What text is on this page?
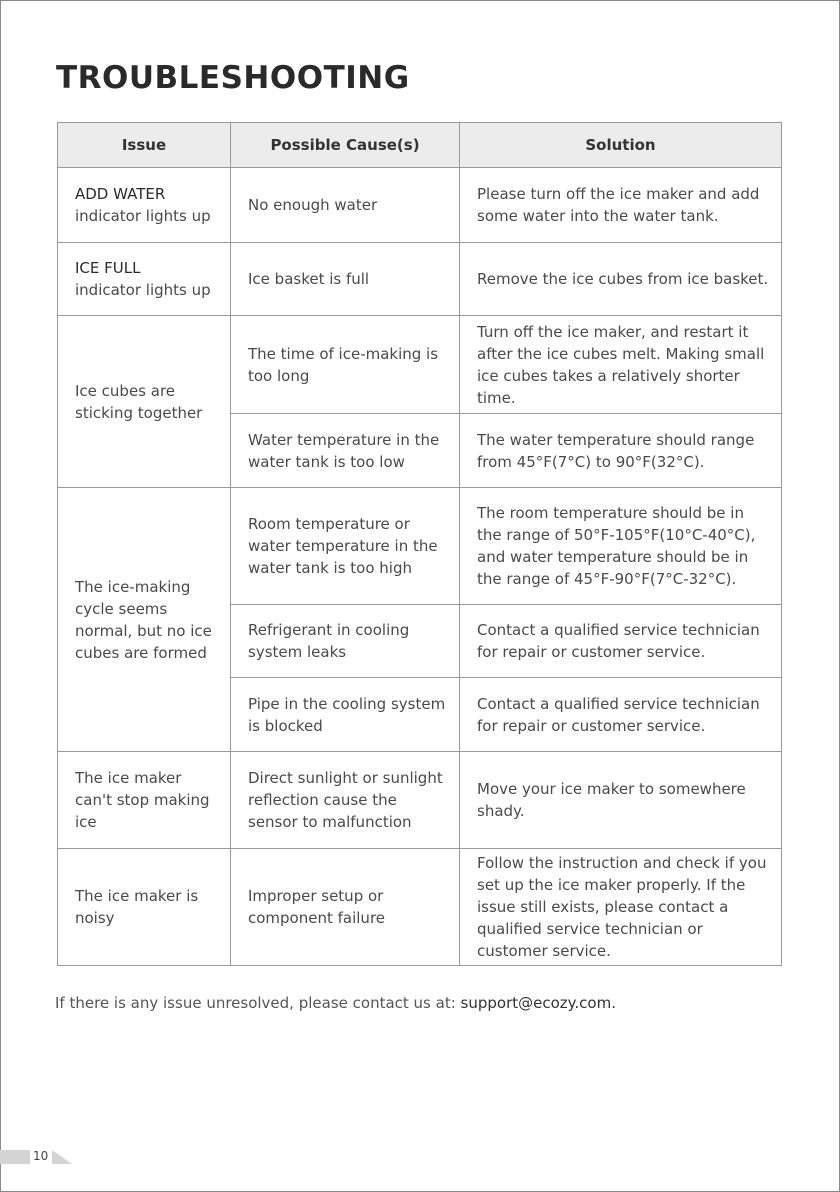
TROUBLESHOOTING
Issue	Possible Cause(s)	Solution

ADD WATER
indicator lights up	No enough water	Please turn off the ice maker and add some water into the water tank.

ICE FULL
indicator lights up	Ice basket is full	Remove the ice cubes from ice basket.
Ice cubes are sticking together	The time of ice-making is too long	Turn off the ice maker, and restart it after the ice cubes melt. Making small ice cubes takes a relatively shorter time.
	Water temperature in the water tank is too low	The water temperature should range from 45°F(7°C) to 90°F(32°C).
The ice-making cycle seems normal, but no ice cubes are formed	Room temperature or water temperature in the water tank is too high	The room temperature should be in the range of 50°F-105°F(10°C-40°C), and water temperature should be in the range of 45°F-90°F(7°C-32°C).
	Refrigerant in cooling system leaks	Contact a qualified service technician for repair or customer service.
	Pipe in the cooling system is blocked	Contact a qualified service technician for repair or customer service.
The ice maker can't stop making ice	Direct sunlight or sunlight reflection cause the sensor to malfunction	Move your ice maker to somewhere shady.
The ice maker is noisy	Improper setup or component failure	Follow the instruction and check if you set up the ice maker properly. If the issue still exists, please contact a qualified service technician or customer service.
If there is any issue unresolved, please contact us at: support@ecozy.com.
10
